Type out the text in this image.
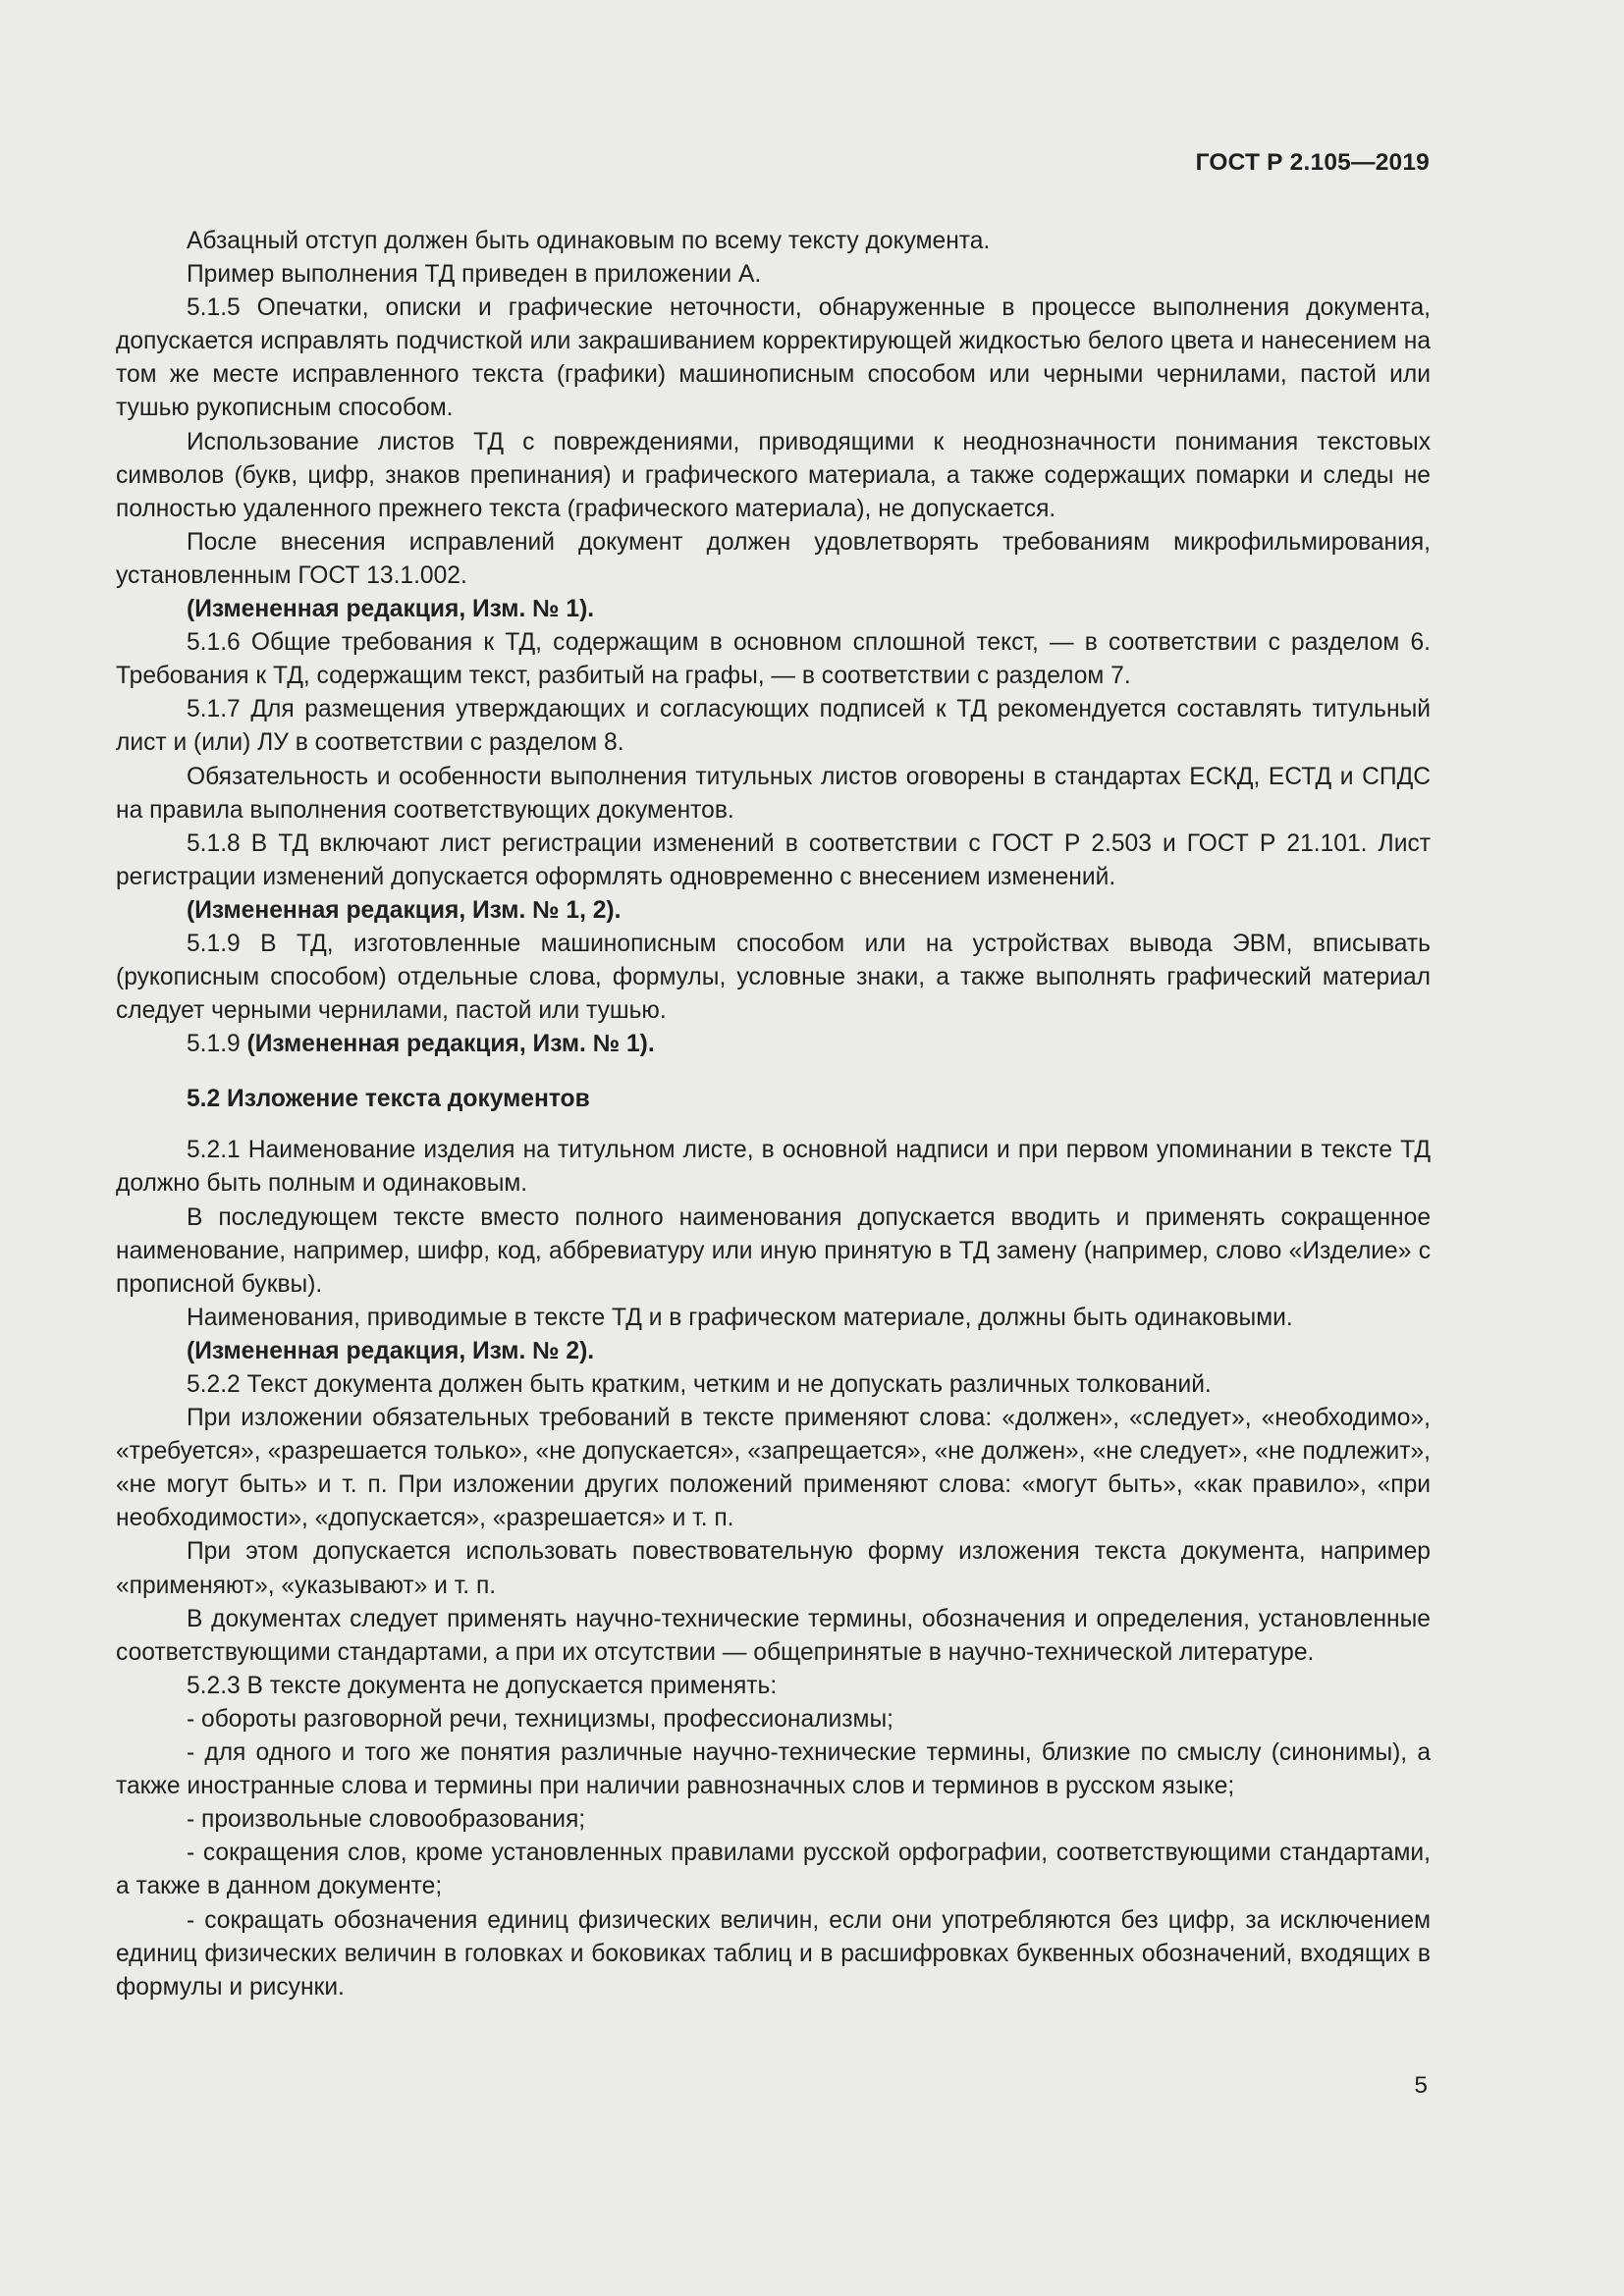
ГОСТ Р 2.105—2019

Абзацный отступ должен быть одинаковым по всему тексту документа.

Пример выполнения ТД приведен в приложении А.

5.1.5 Опечатки, описки и графические неточности, обнаруженные в процессе выполнения документа, допускается исправлять подчисткой или закрашиванием корректирующей жидкостью белого цвета и нанесением на том же месте исправленного текста (графики) машинописным способом или черными чернилами, пастой или тушью рукописным способом.

Использование листов ТД с повреждениями, приводящими к неоднозначности понимания текстовых символов (букв, цифр, знаков препинания) и графического материала, а также содержащих помарки и следы не полностью удаленного прежнего текста (графического материала), не допускается.

После внесения исправлений документ должен удовлетворять требованиям микрофильмирования, установленным ГОСТ 13.1.002.

(Измененная редакция, Изм. № 1).

5.1.6 Общие требования к ТД, содержащим в основном сплошной текст, — в соответствии с разделом 6. Требования к ТД, содержащим текст, разбитый на графы, — в соответствии с разделом 7.

5.1.7 Для размещения утверждающих и согласующих подписей к ТД рекомендуется составлять титульный лист и (или) ЛУ в соответствии с разделом 8.

Обязательность и особенности выполнения титульных листов оговорены в стандартах ЕСКД, ЕСТД и СПДС на правила выполнения соответствующих документов.

5.1.8 В ТД включают лист регистрации изменений в соответствии с ГОСТ Р 2.503 и ГОСТ Р 21.101. Лист регистрации изменений допускается оформлять одновременно с внесением изменений.

(Измененная редакция, Изм. № 1, 2).

5.1.9 В ТД, изготовленные машинописным способом или на устройствах вывода ЭВМ, вписывать (рукописным способом) отдельные слова, формулы, условные знаки, а также выполнять графический материал следует черными чернилами, пастой или тушью.

5.1.9 (Измененная редакция, Изм. № 1).

5.2 Изложение текста документов

5.2.1 Наименование изделия на титульном листе, в основной надписи и при первом упоминании в тексте ТД должно быть полным и одинаковым.

В последующем тексте вместо полного наименования допускается вводить и применять сокращенное наименование, например, шифр, код, аббревиатуру или иную принятую в ТД замену (например, слово «Изделие» с прописной буквы).

Наименования, приводимые в тексте ТД и в графическом материале, должны быть одинаковыми.

(Измененная редакция, Изм. № 2).

5.2.2 Текст документа должен быть кратким, четким и не допускать различных толкований.

При изложении обязательных требований в тексте применяют слова: «должен», «следует», «необходимо», «требуется», «разрешается только», «не допускается», «запрещается», «не должен», «не следует», «не подлежит», «не могут быть» и т. п. При изложении других положений применяют слова: «могут быть», «как правило», «при необходимости», «допускается», «разрешается» и т. п.

При этом допускается использовать повествовательную форму изложения текста документа, например «применяют», «указывают» и т. п.

В документах следует применять научно-технические термины, обозначения и определения, установленные соответствующими стандартами, а при их отсутствии — общепринятые в научно-технической литературе.

5.2.3 В тексте документа не допускается применять:

- обороты разговорной речи, техницизмы, профессионализмы;

- для одного и того же понятия различные научно-технические термины, близкие по смыслу (синонимы), а также иностранные слова и термины при наличии равнозначных слов и терминов в русском языке;

- произвольные словообразования;

- сокращения слов, кроме установленных правилами русской орфографии, соответствующими стандартами, а также в данном документе;

- сокращать обозначения единиц физических величин, если они употребляются без цифр, за исключением единиц физических величин в головках и боковиках таблиц и в расшифровках буквенных обозначений, входящих в формулы и рисунки.

5
